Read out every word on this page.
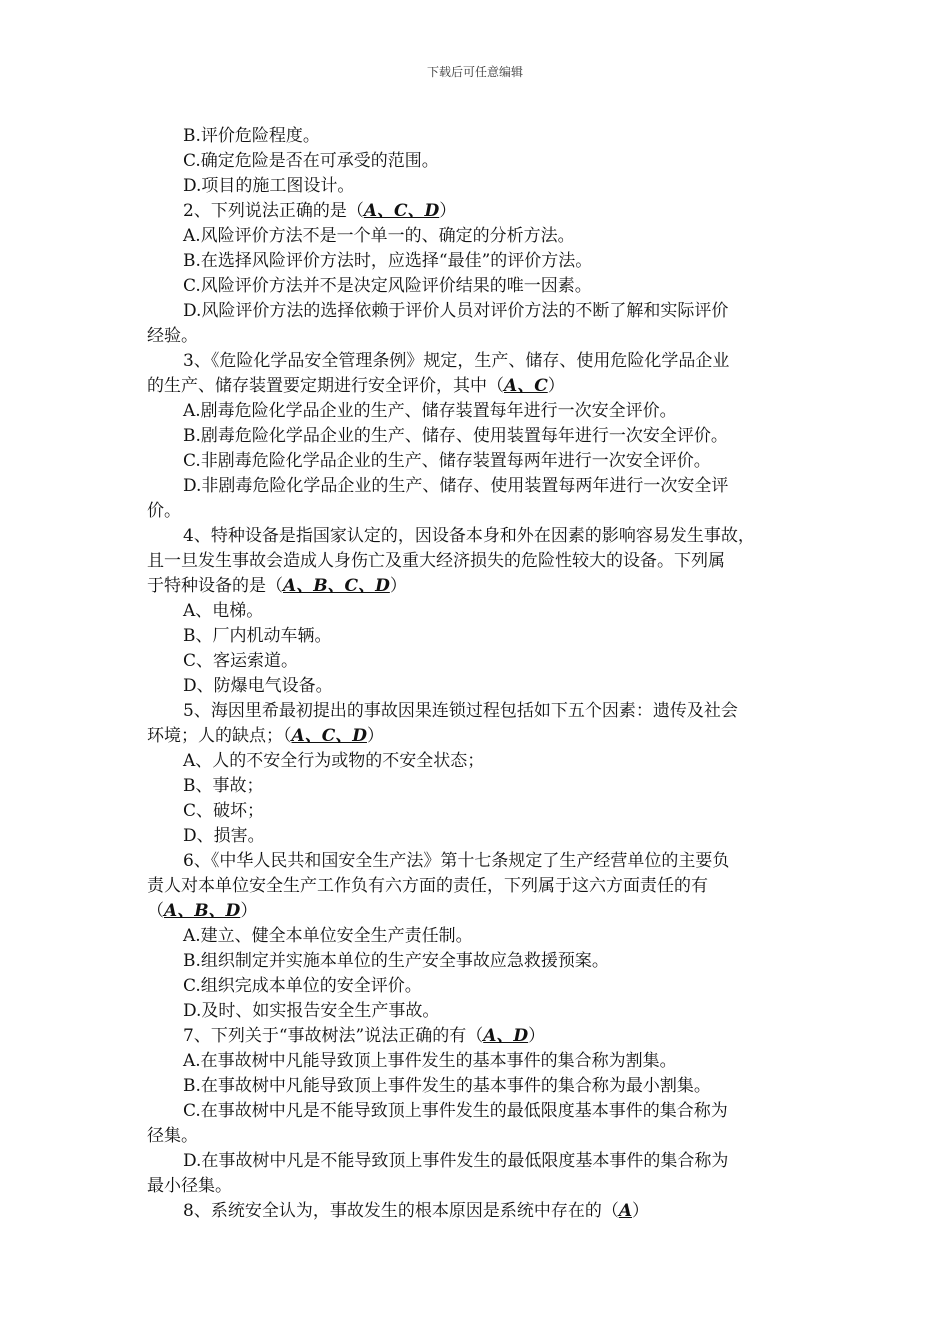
下载后可任意编辑
B.评价危险程度。
C.确定危险是否在可承受的范围。
D.项目的施工图设计。
2、下列说法正确的是（A、C、D）
A.风险评价方法不是一个单一的、确定的分析方法。
B.在选择风险评价方法时，应选择“最佳”的评价方法。
C.风险评价方法并不是决定风险评价结果的唯一因素。
D.风险评价方法的选择依赖于评价人员对评价方法的不断了解和实际评价
经验。
3、《危险化学品安全管理条例》规定，生产、储存、使用危险化学品企业
的生产、储存装置要定期进行安全评价，其中（A、C）
A.剧毒危险化学品企业的生产、储存装置每年进行一次安全评价。
B.剧毒危险化学品企业的生产、储存、使用装置每年进行一次安全评价。
C.非剧毒危险化学品企业的生产、储存装置每两年进行一次安全评价。
D.非剧毒危险化学品企业的生产、储存、使用装置每两年进行一次安全评
价。
4、特种设备是指国家认定的，因设备本身和外在因素的影响容易发生事故，
且一旦发生事故会造成人身伤亡及重大经济损失的危险性较大的设备。下列属
于特种设备的是（A、B、C、D）
A、电梯。
B、厂内机动车辆。
C、客运索道。
D、防爆电气设备。
5、海因里希最初提出的事故因果连锁过程包括如下五个因素：遗传及社会
环境；人的缺点；（A、C、D）
A、人的不安全行为或物的不安全状态；
B、事故；
C、破坏；
D、损害。
6、《中华人民共和国安全生产法》第十七条规定了生产经营单位的主要负
责人对本单位安全生产工作负有六方面的责任，下列属于这六方面责任的有
（A、B、D）
A.建立、健全本单位安全生产责任制。
B.组织制定并实施本单位的生产安全事故应急救援预案。
C.组织完成本单位的安全评价。
D.及时、如实报告安全生产事故。
7、下列关于“事故树法”说法正确的有（A、D）
A.在事故树中凡能导致顶上事件发生的基本事件的集合称为割集。
B.在事故树中凡能导致顶上事件发生的基本事件的集合称为最小割集。
C.在事故树中凡是不能导致顶上事件发生的最低限度基本事件的集合称为
径集。
D.在事故树中凡是不能导致顶上事件发生的最低限度基本事件的集合称为
最小径集。
8、系统安全认为，事故发生的根本原因是系统中存在的（A）
